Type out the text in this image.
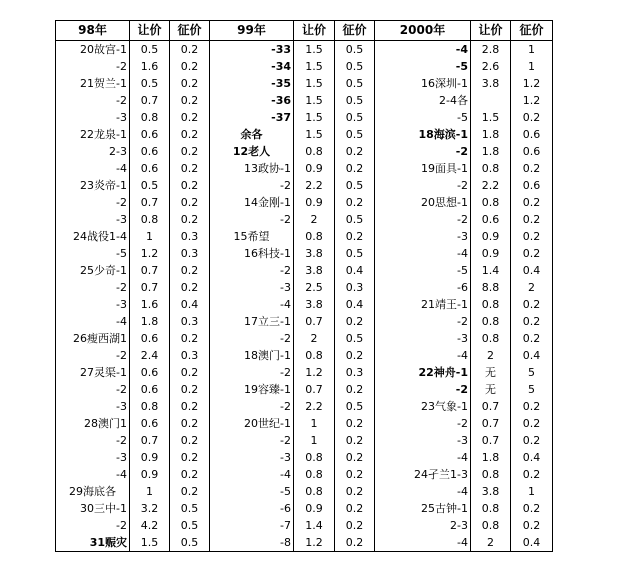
98年	让价	征价	99年	让价	征价	2000年	让价	征价
20故宫-1	0.5	0.2	-33	1.5	0.5	-4	2.8	1
-2	1.6	0.2	-34	1.5	0.5	-5	2.6	1
21贺兰-1	0.5	0.2	-35	1.5	0.5	16深圳-1	3.8	1.2
-2	0.7	0.2	-36	1.5	0.5	2-4各		1.2
-3	0.8	0.2	-37	1.5	0.5	-5	1.5	0.2
22龙泉-1	0.6	0.2	余各	1.5	0.5	18海滨-1	1.8	0.6
2-3	0.6	0.2	12老人	0.8	0.2	-2	1.8	0.6
-4	0.6	0.2	13政协-1	0.9	0.2	19面具-1	0.8	0.2
23炎帝-1	0.5	0.2	-2	2.2	0.5	-2	2.2	0.6
-2	0.7	0.2	14金刚-1	0.9	0.2	20思想-1	0.8	0.2
-3	0.8	0.2	-2	2	0.5	-2	0.6	0.2
24战役1-4	1	0.3	15希望	0.8	0.2	-3	0.9	0.2
-5	1.2	0.3	16科技-1	3.8	0.5	-4	0.9	0.2
25少奇-1	0.7	0.2	-2	3.8	0.4	-5	1.4	0.4
-2	0.7	0.2	-3	2.5	0.3	-6	8.8	2
-3	1.6	0.4	-4	3.8	0.4	21靖王-1	0.8	0.2
-4	1.8	0.3	17立三-1	0.7	0.2	-2	0.8	0.2
26瘦西湖1	0.6	0.2	-2	2	0.5	-3	0.8	0.2
-2	2.4	0.3	18澳门-1	0.8	0.2	-4	2	0.4
27灵渠-1	0.6	0.2	-2	1.2	0.3	22神舟-1	无	5
-2	0.6	0.2	19容臻-1	0.7	0.2	-2	无	5
-3	0.8	0.2	-2	2.2	0.5	23气象-1	0.7	0.2
28澳门1	0.6	0.2	20世纪-1	1	0.2	-2	0.7	0.2
-2	0.7	0.2	-2	1	0.2	-3	0.7	0.2
-3	0.9	0.2	-3	0.8	0.2	-4	1.8	0.4
-4	0.9	0.2	-4	0.8	0.2	24孑兰1-3	0.8	0.2
29海底各	1	0.2	-5	0.8	0.2	-4	3.8	1
30三中-1	3.2	0.5	-6	0.9	0.2	25古钟-1	0.8	0.2
-2	4.2	0.5	-7	1.4	0.2	2-3	0.8	0.2
31赈灾	1.5	0.5	-8	1.2	0.2	-4	2	0.4
